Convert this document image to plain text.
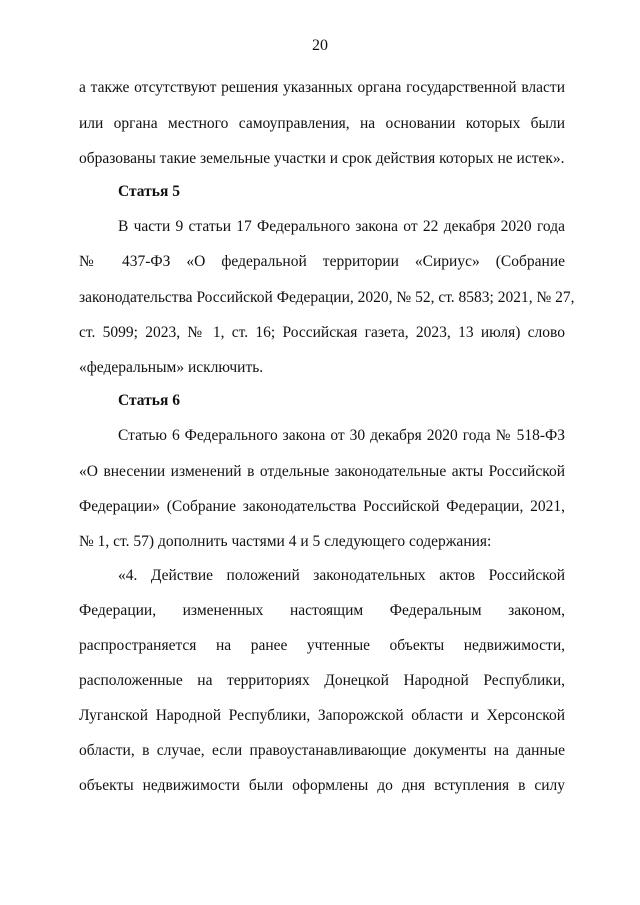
20
а также отсутствуют решения указанных органа государственной власти
или органа местного самоуправления, на основании которых были
образованы такие земельные участки и срок действия которых не истек».
Статья 5
В части 9 статьи 17 Федерального закона от 22 декабря 2020 года
№ 437-ФЗ «О федеральной территории «Сириус» (Собрание
законодательства Российской Федерации, 2020, № 52, ст. 8583; 2021, № 27,
ст. 5099; 2023, № 1, ст. 16; Российская газета, 2023, 13 июля) слово
«федеральным» исключить.
Статья 6
Статью 6 Федерального закона от 30 декабря 2020 года № 518-ФЗ
«О внесении изменений в отдельные законодательные акты Российской
Федерации» (Собрание законодательства Российской Федерации, 2021,
№ 1, ст. 57) дополнить частями 4 и 5 следующего содержания:
«4. Действие положений законодательных актов Российской
Федерации, измененных настоящим Федеральным законом,
распространяется на ранее учтенные объекты недвижимости,
расположенные на территориях Донецкой Народной Республики,
Луганской Народной Республики, Запорожской области и Херсонской
области, в случае, если правоустанавливающие документы на данные
объекты недвижимости были оформлены до дня вступления в силу
